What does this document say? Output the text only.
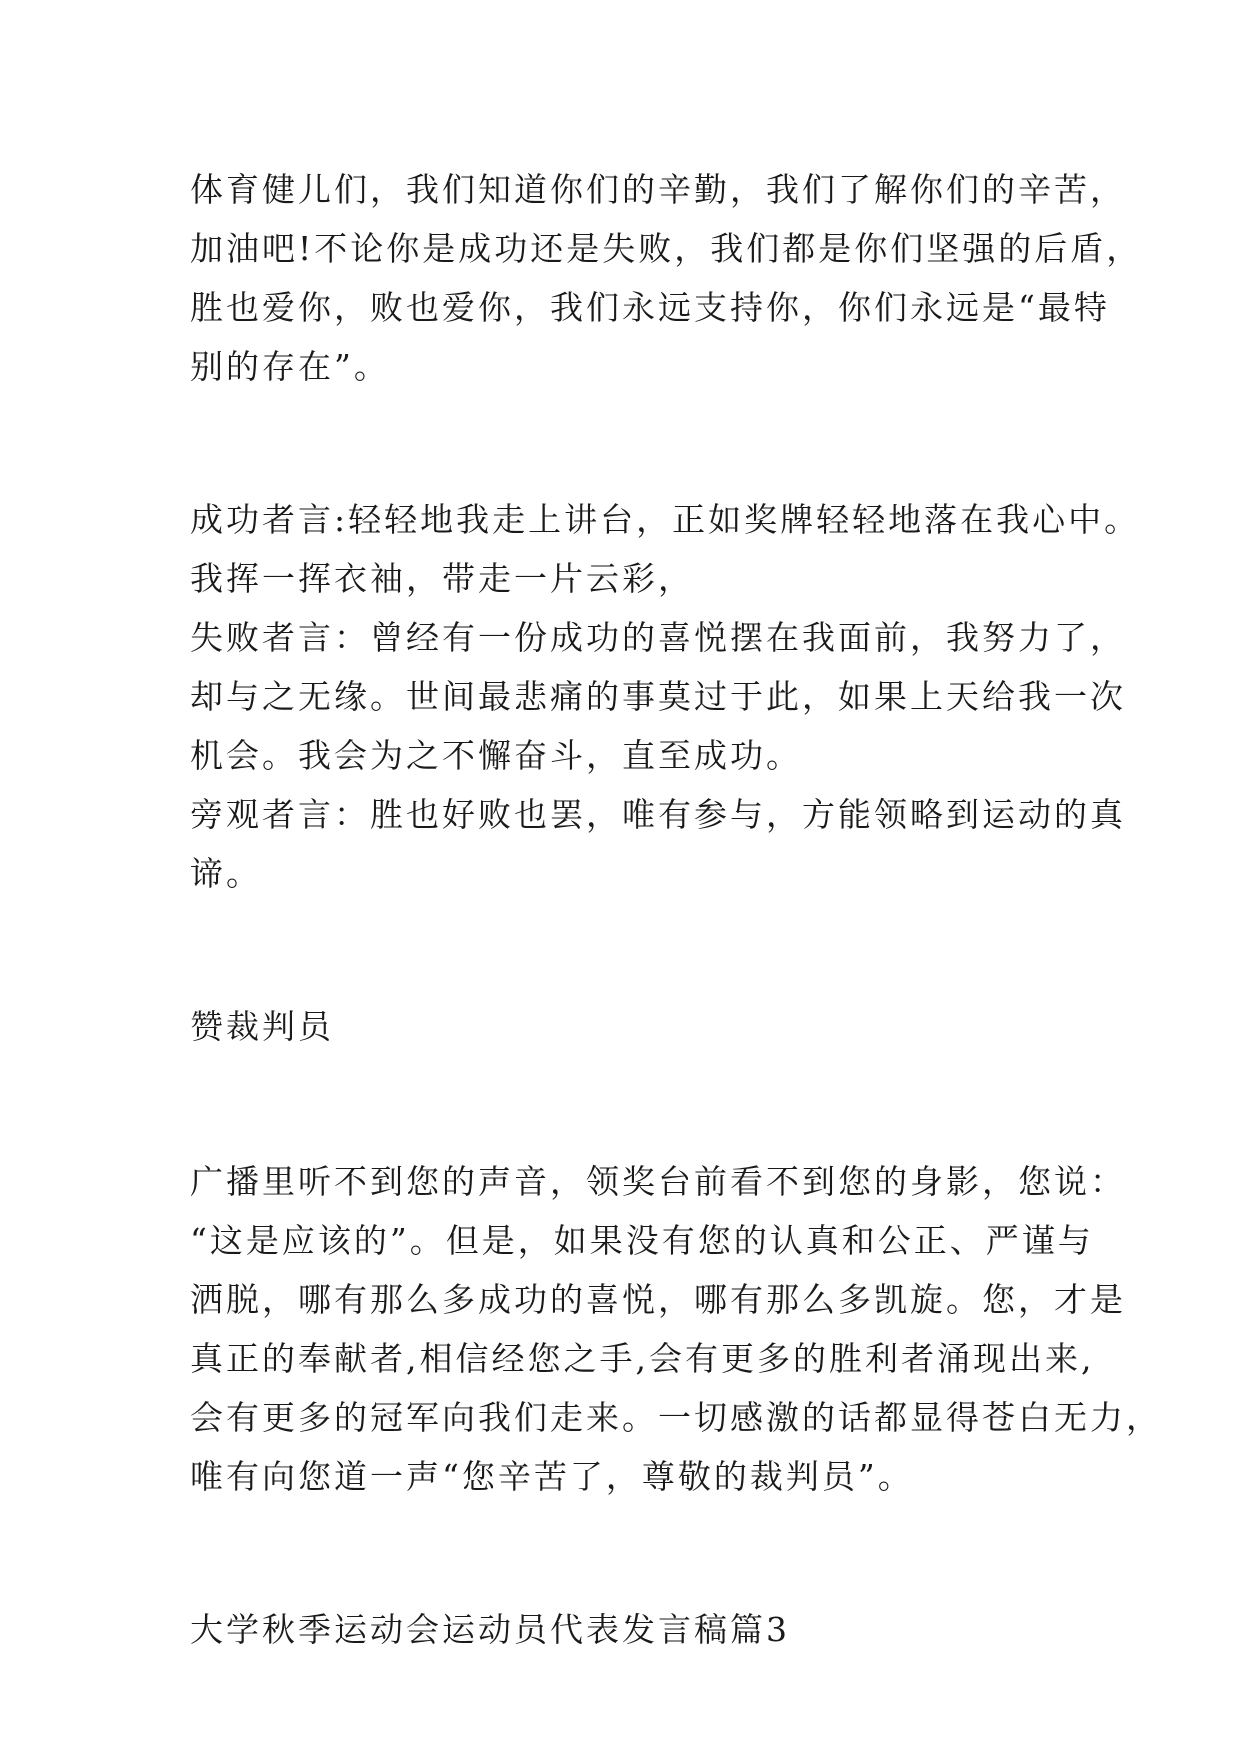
体育健儿们，我们知道你们的辛勤，我们了解你们的辛苦，
加油吧!不论你是成功还是失败，我们都是你们坚强的后盾，
胜也爱你，败也爱你，我们永远支持你，你们永远是“最特
别的存在”。
成功者言:轻轻地我走上讲台，正如奖牌轻轻地落在我心中。
我挥一挥衣袖，带走一片云彩，
失败者言：曾经有一份成功的喜悦摆在我面前，我努力了，
却与之无缘。世间最悲痛的事莫过于此，如果上天给我一次
机会。我会为之不懈奋斗，直至成功。
旁观者言：胜也好败也罢，唯有参与，方能领略到运动的真
谛。
赞裁判员
广播里听不到您的声音，领奖台前看不到您的身影，您说：
“这是应该的”。但是，如果没有您的认真和公正、严谨与
洒脱，哪有那么多成功的喜悦，哪有那么多凯旋。您，才是
真正的奉献者,相信经您之手,会有更多的胜利者涌现出来,
会有更多的冠军向我们走来。一切感激的话都显得苍白无力，
唯有向您道一声“您辛苦了，尊敬的裁判员”。
大学秋季运动会运动员代表发言稿篇3
